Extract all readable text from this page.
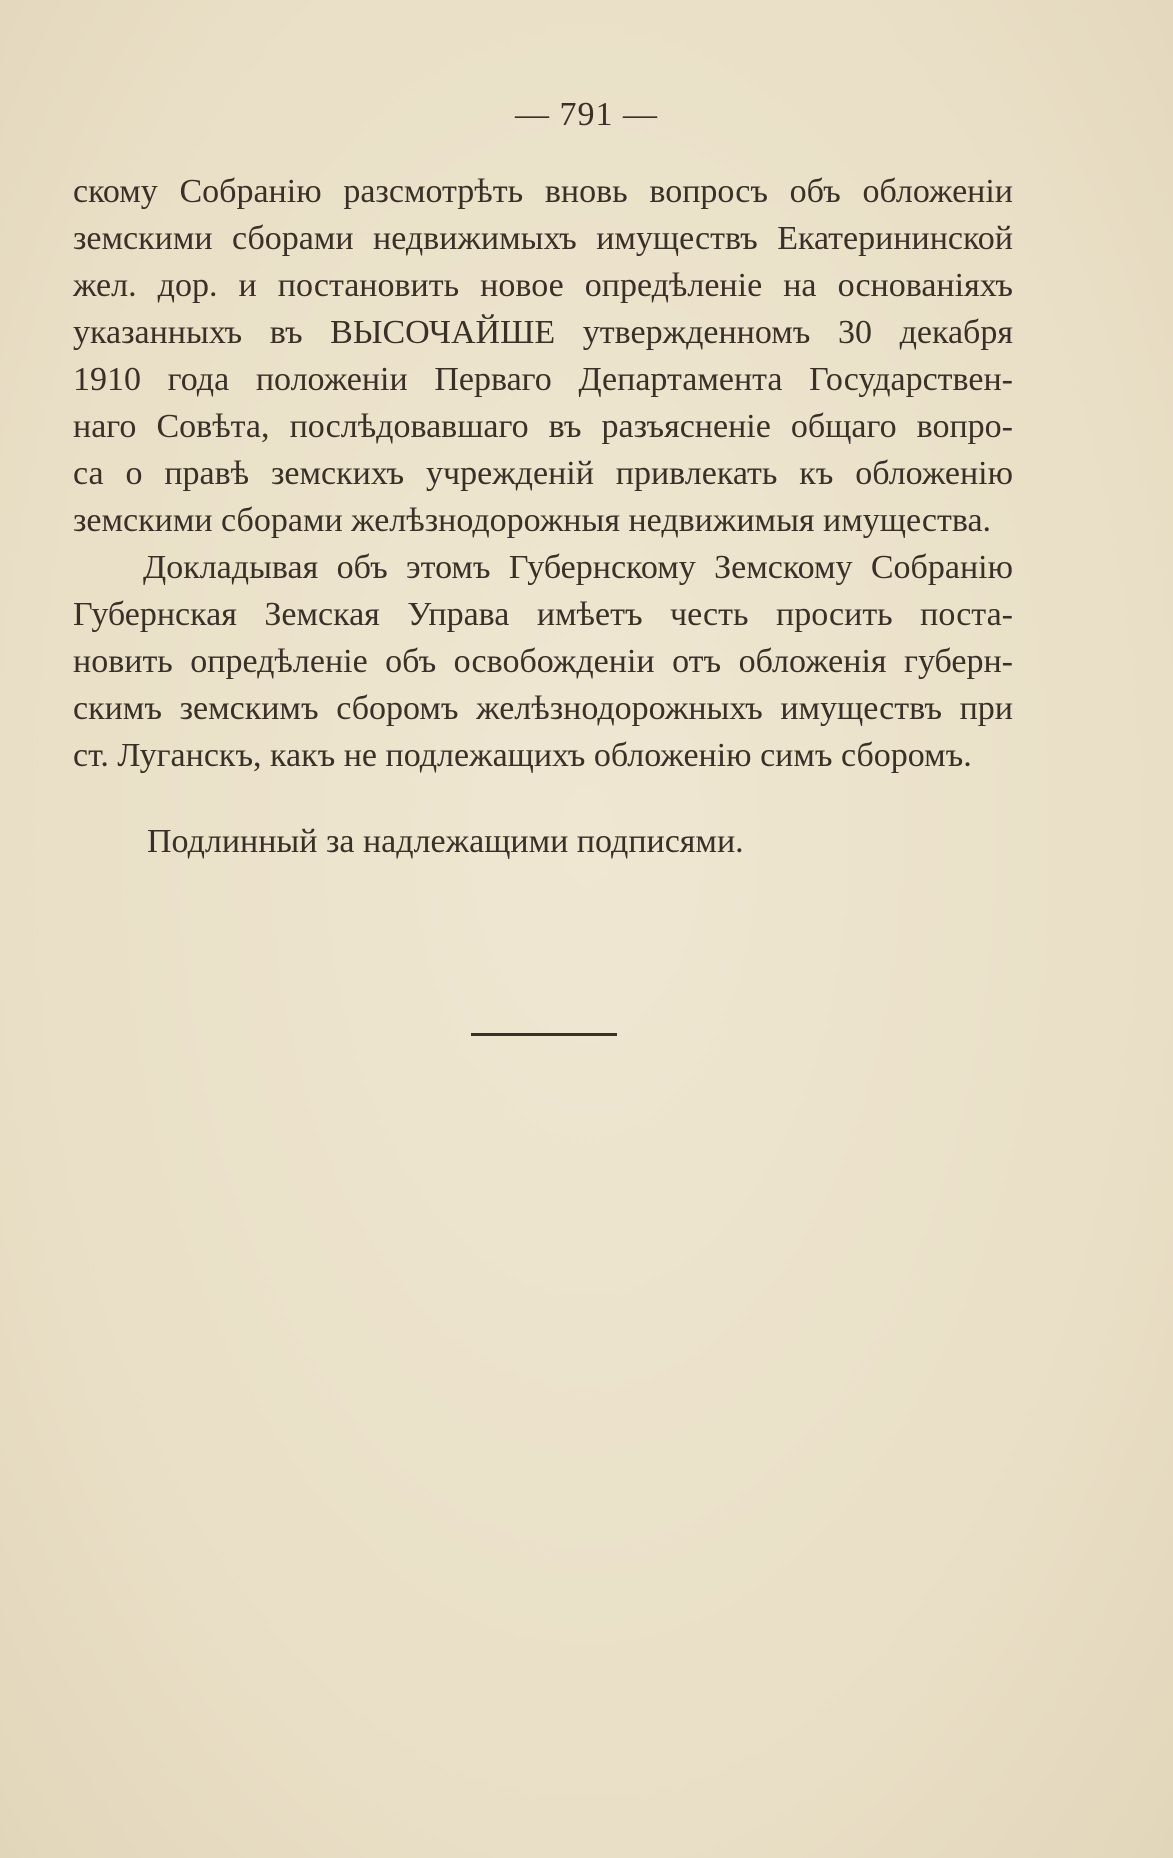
— 791 —
скому Собранію разсмотрѣть вновь вопросъ объ обложеніи
земскими сборами недвижимыхъ имуществъ Екатерининской
жел. дор. и постановить новое опредѣленіе на основаніяхъ
указанныхъ въ ВЫСОЧАЙШЕ утвержденномъ 30 декабря
1910 года положеніи Перваго Департамента Государствен-
наго Совѣта, послѣдовавшаго въ разъясненіе общаго вопро-
са о правѣ земскихъ учрежденій привлекать къ обложенію
земскими сборами желѣзнодорожныя недвижимыя имущества.
Докладывая объ этомъ Губернскому Земскому Собранію
Губернская Земская Управа имѣетъ честь просить поста-
новить опредѣленіе объ освобожденіи отъ обложенія губерн-
скимъ земскимъ сборомъ желѣзнодорожныхъ имуществъ при
ст. Луганскъ, какъ не подлежащихъ обложенію симъ сборомъ.
Подлинный за надлежащими подписями.
